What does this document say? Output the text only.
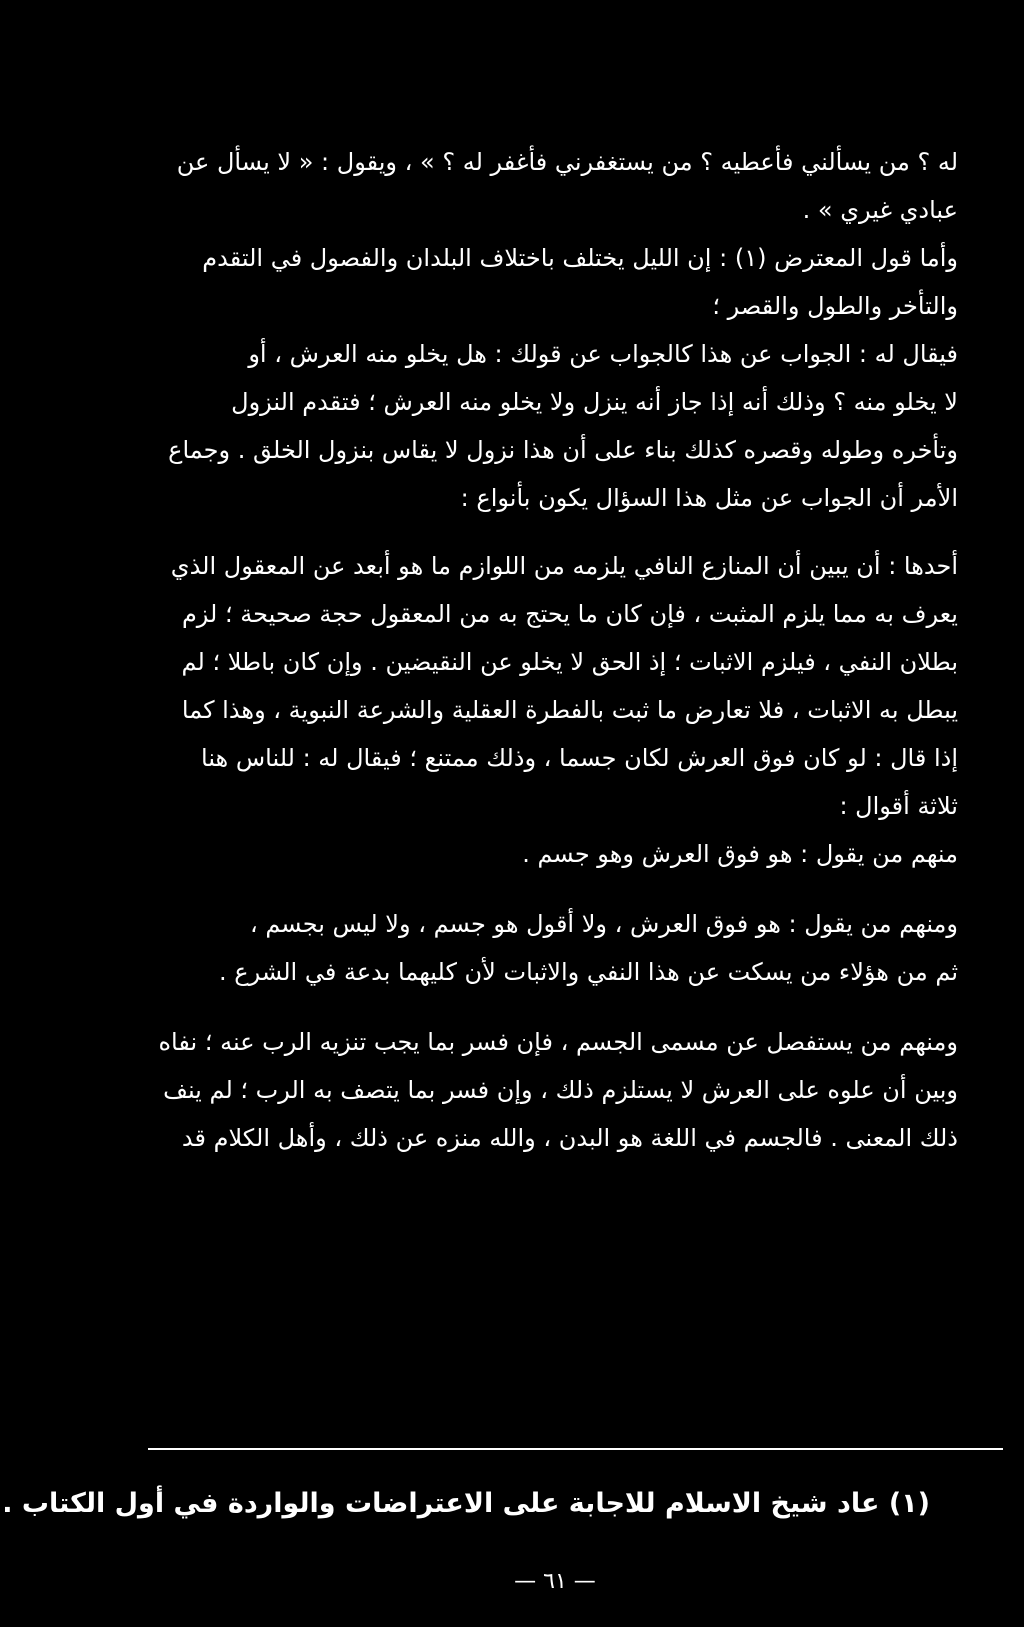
له ؟ من يسألني فأعطيه ؟ من يستغفرني فأغفر له ؟ » ، ويقول : « لا يسأل عن
عبادي غيري » .
وأما قول المعترض (١) : إن الليل يختلف باختلاف البلدان والفصول في التقدم
والتأخر والطول والقصر ؛
فيقال له : الجواب عن هذا كالجواب عن قولك : هل يخلو منه العرش ، أو
لا يخلو منه ؟ وذلك أنه إذا جاز أنه ينزل ولا يخلو منه العرش ؛ فتقدم النزول
وتأخره وطوله وقصره كذلك بناء على أن هذا نزول لا يقاس بنزول الخلق . وجماع
الأمر أن الجواب عن مثل هذا السؤال يكون بأنواع :
أحدها : أن يبين أن المنازع النافي يلزمه من اللوازم ما هو أبعد عن المعقول الذي
يعرف به مما يلزم المثبت ، فإن كان ما يحتج به من المعقول حجة صحيحة ؛ لزم
بطلان النفي ، فيلزم الاثبات ؛ إذ الحق لا يخلو عن النقيضين . وإن كان باطلا ؛ لم
يبطل به الاثبات ، فلا تعارض ما ثبت بالفطرة العقلية والشرعة النبوية ، وهذا كما
إذا قال : لو كان فوق العرش لكان جسما ، وذلك ممتنع ؛ فيقال له : للناس هنا
ثلاثة أقوال :
منهم من يقول : هو فوق العرش وهو جسم .
ومنهم من يقول : هو فوق العرش ، ولا أقول هو جسم ، ولا ليس بجسم ،
ثم من هؤلاء من يسكت عن هذا النفي والاثبات لأن كليهما بدعة في الشرع .
ومنهم من يستفصل عن مسمى الجسم ، فإن فسر بما يجب تنزيه الرب عنه ؛ نفاه
وبين أن علوه على العرش لا يستلزم ذلك ، وإن فسر بما يتصف به الرب ؛ لم ينف
ذلك المعنى . فالجسم في اللغة هو البدن ، والله منزه عن ذلك ، وأهل الكلام قد
(١) عاد شيخ الاسلام للاجابة على الاعتراضات والواردة في أول الكتاب .
— ٦١ —
